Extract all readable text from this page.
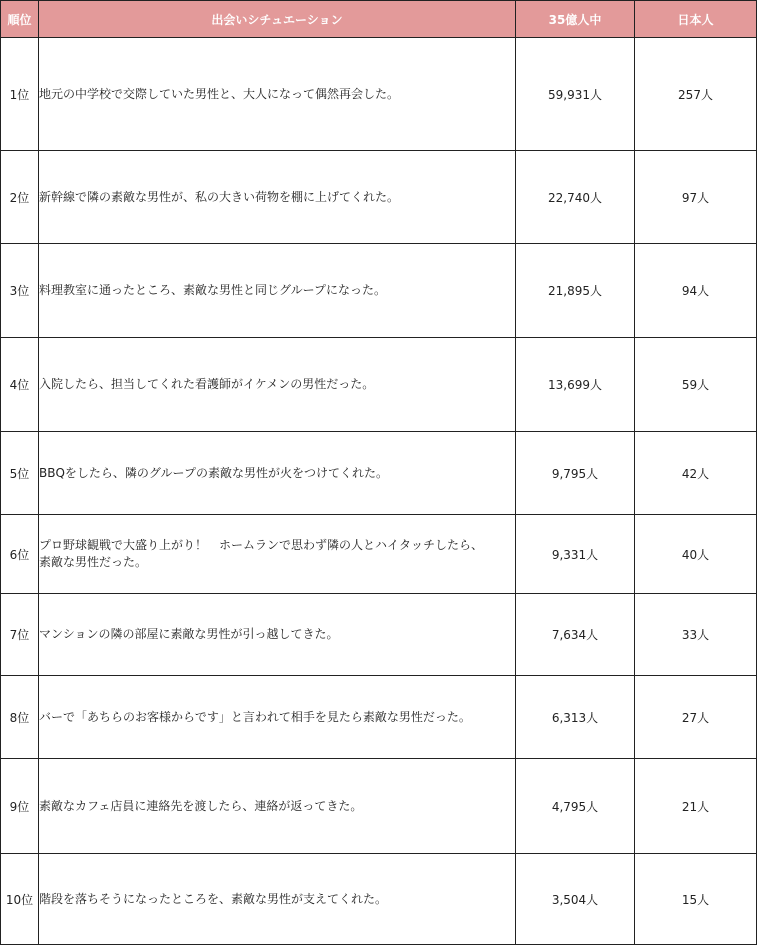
順位	出会いシチュエーション	35億人中	日本人
1位	地元の中学校で交際していた男性と、大人になって偶然再会した。	59,931人	257人
2位	新幹線で隣の素敵な男性が、私の大きい荷物を棚に上げてくれた。	22,740人	97人
3位	料理教室に通ったところ、素敵な男性と同じグループになった。	21,895人	94人
4位	入院したら、担当してくれた看護師がイケメンの男性だった。	13,699人	59人
5位	BBQをしたら、隣のグループの素敵な男性が火をつけてくれた。	9,795人	42人
6位	プロ野球観戦で大盛り上がり！　ホームランで思わず隣の人とハイタッチしたら、
素敵な男性だった。	9,331人	40人
7位	マンションの隣の部屋に素敵な男性が引っ越してきた。	7,634人	33人
8位	バーで「あちらのお客様からです」と言われて相手を見たら素敵な男性だった。	6,313人	27人
9位	素敵なカフェ店員に連絡先を渡したら、連絡が返ってきた。	4,795人	21人
10位	階段を落ちそうになったところを、素敵な男性が支えてくれた。	3,504人	15人
